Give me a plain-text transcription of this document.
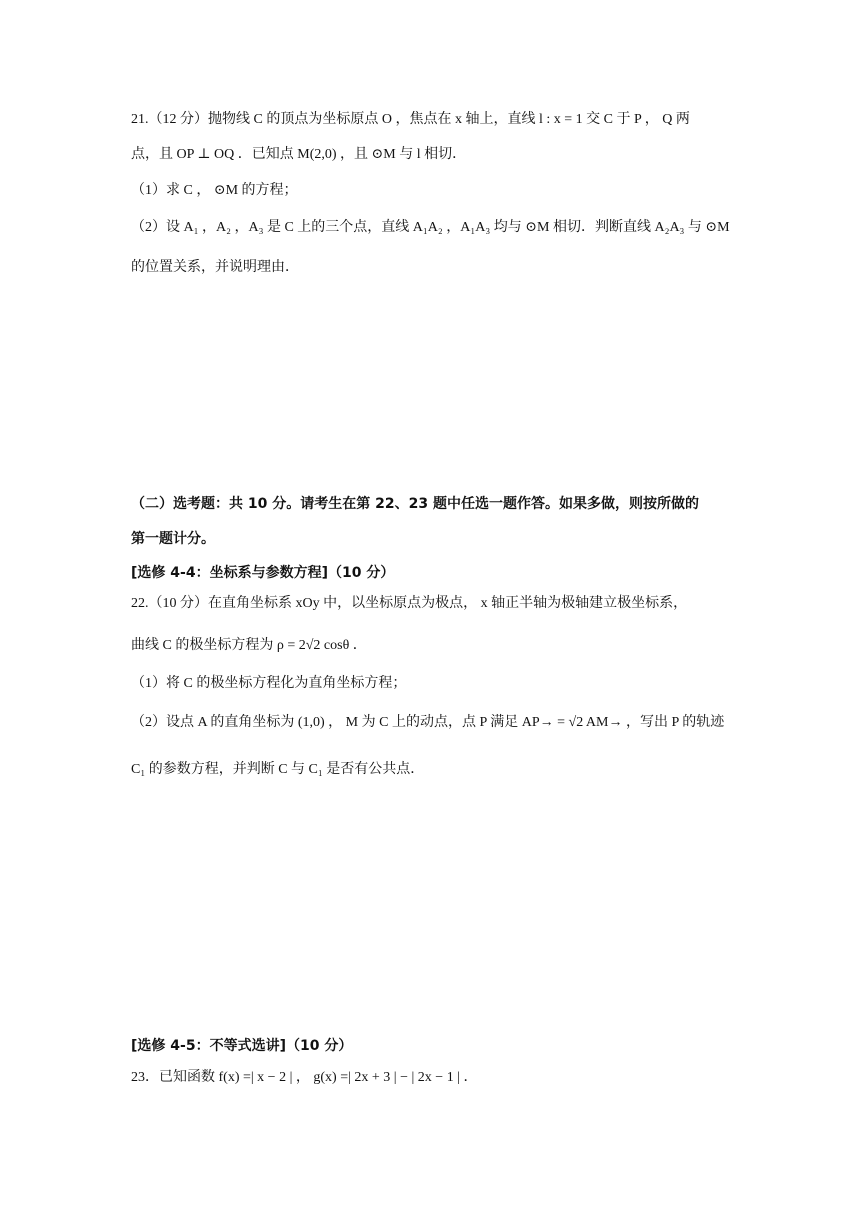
21.（12 分）抛物线 C 的顶点为坐标原点 O ，焦点在 x 轴上，直线 l : x = 1 交 C 于 P ， Q 两
点，且 OP ⊥ OQ ．已知点 M(2,0) ，且 ⊙M 与 l 相切．
（1）求 C ， ⊙M 的方程；
（2）设 A₁ ，A₂ ，A₃ 是 C 上的三个点，直线 A₁A₂ ，A₁A₃ 均与 ⊙M 相切．判断直线 A₂A₃ 与 ⊙M
的位置关系，并说明理由．
（二）选考题：共 10 分。请考生在第 22、23 题中任选一题作答。如果多做，则按所做的
第一题计分。
[选修 4-4：坐标系与参数方程]（10 分）
22.（10 分）在直角坐标系 xOy 中，以坐标原点为极点， x 轴正半轴为极轴建立极坐标系，
曲线 C 的极坐标方程为 ρ = 2√2 cosθ ．
（1）将 C 的极坐标方程化为直角坐标方程；
（2）设点 A 的直角坐标为 (1,0) ， M 为 C 上的动点，点 P 满足 AP→ = √2 AM→ ，写出 P 的轨迹
C₁ 的参数方程，并判断 C 与 C₁ 是否有公共点．
[选修 4-5：不等式选讲]（10 分）
23．已知函数 f(x) =| x − 2 | ， g(x) =| 2x + 3 | − | 2x − 1 | ．
